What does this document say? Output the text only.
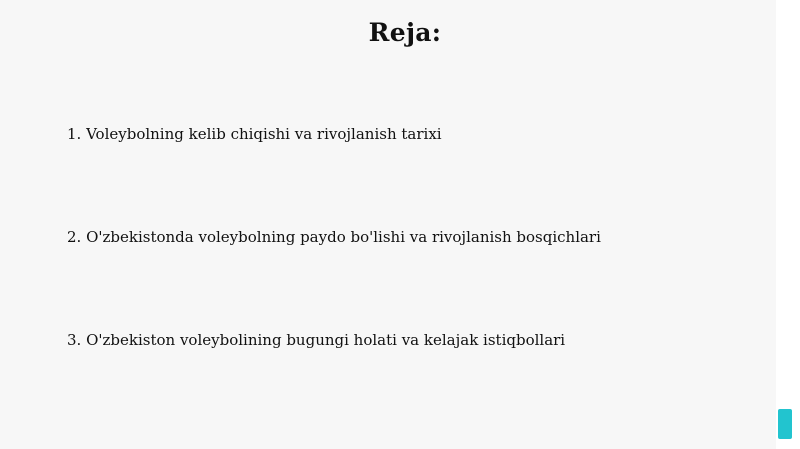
Reja:
1. Voleybolning kelib chiqishi va rivojlanish tarixi
2. O'zbekistonda voleybolning paydo bo'lishi va rivojlanish bosqichlari
3. O'zbekiston voleybolining bugungi holati va kelajak istiqbollari
